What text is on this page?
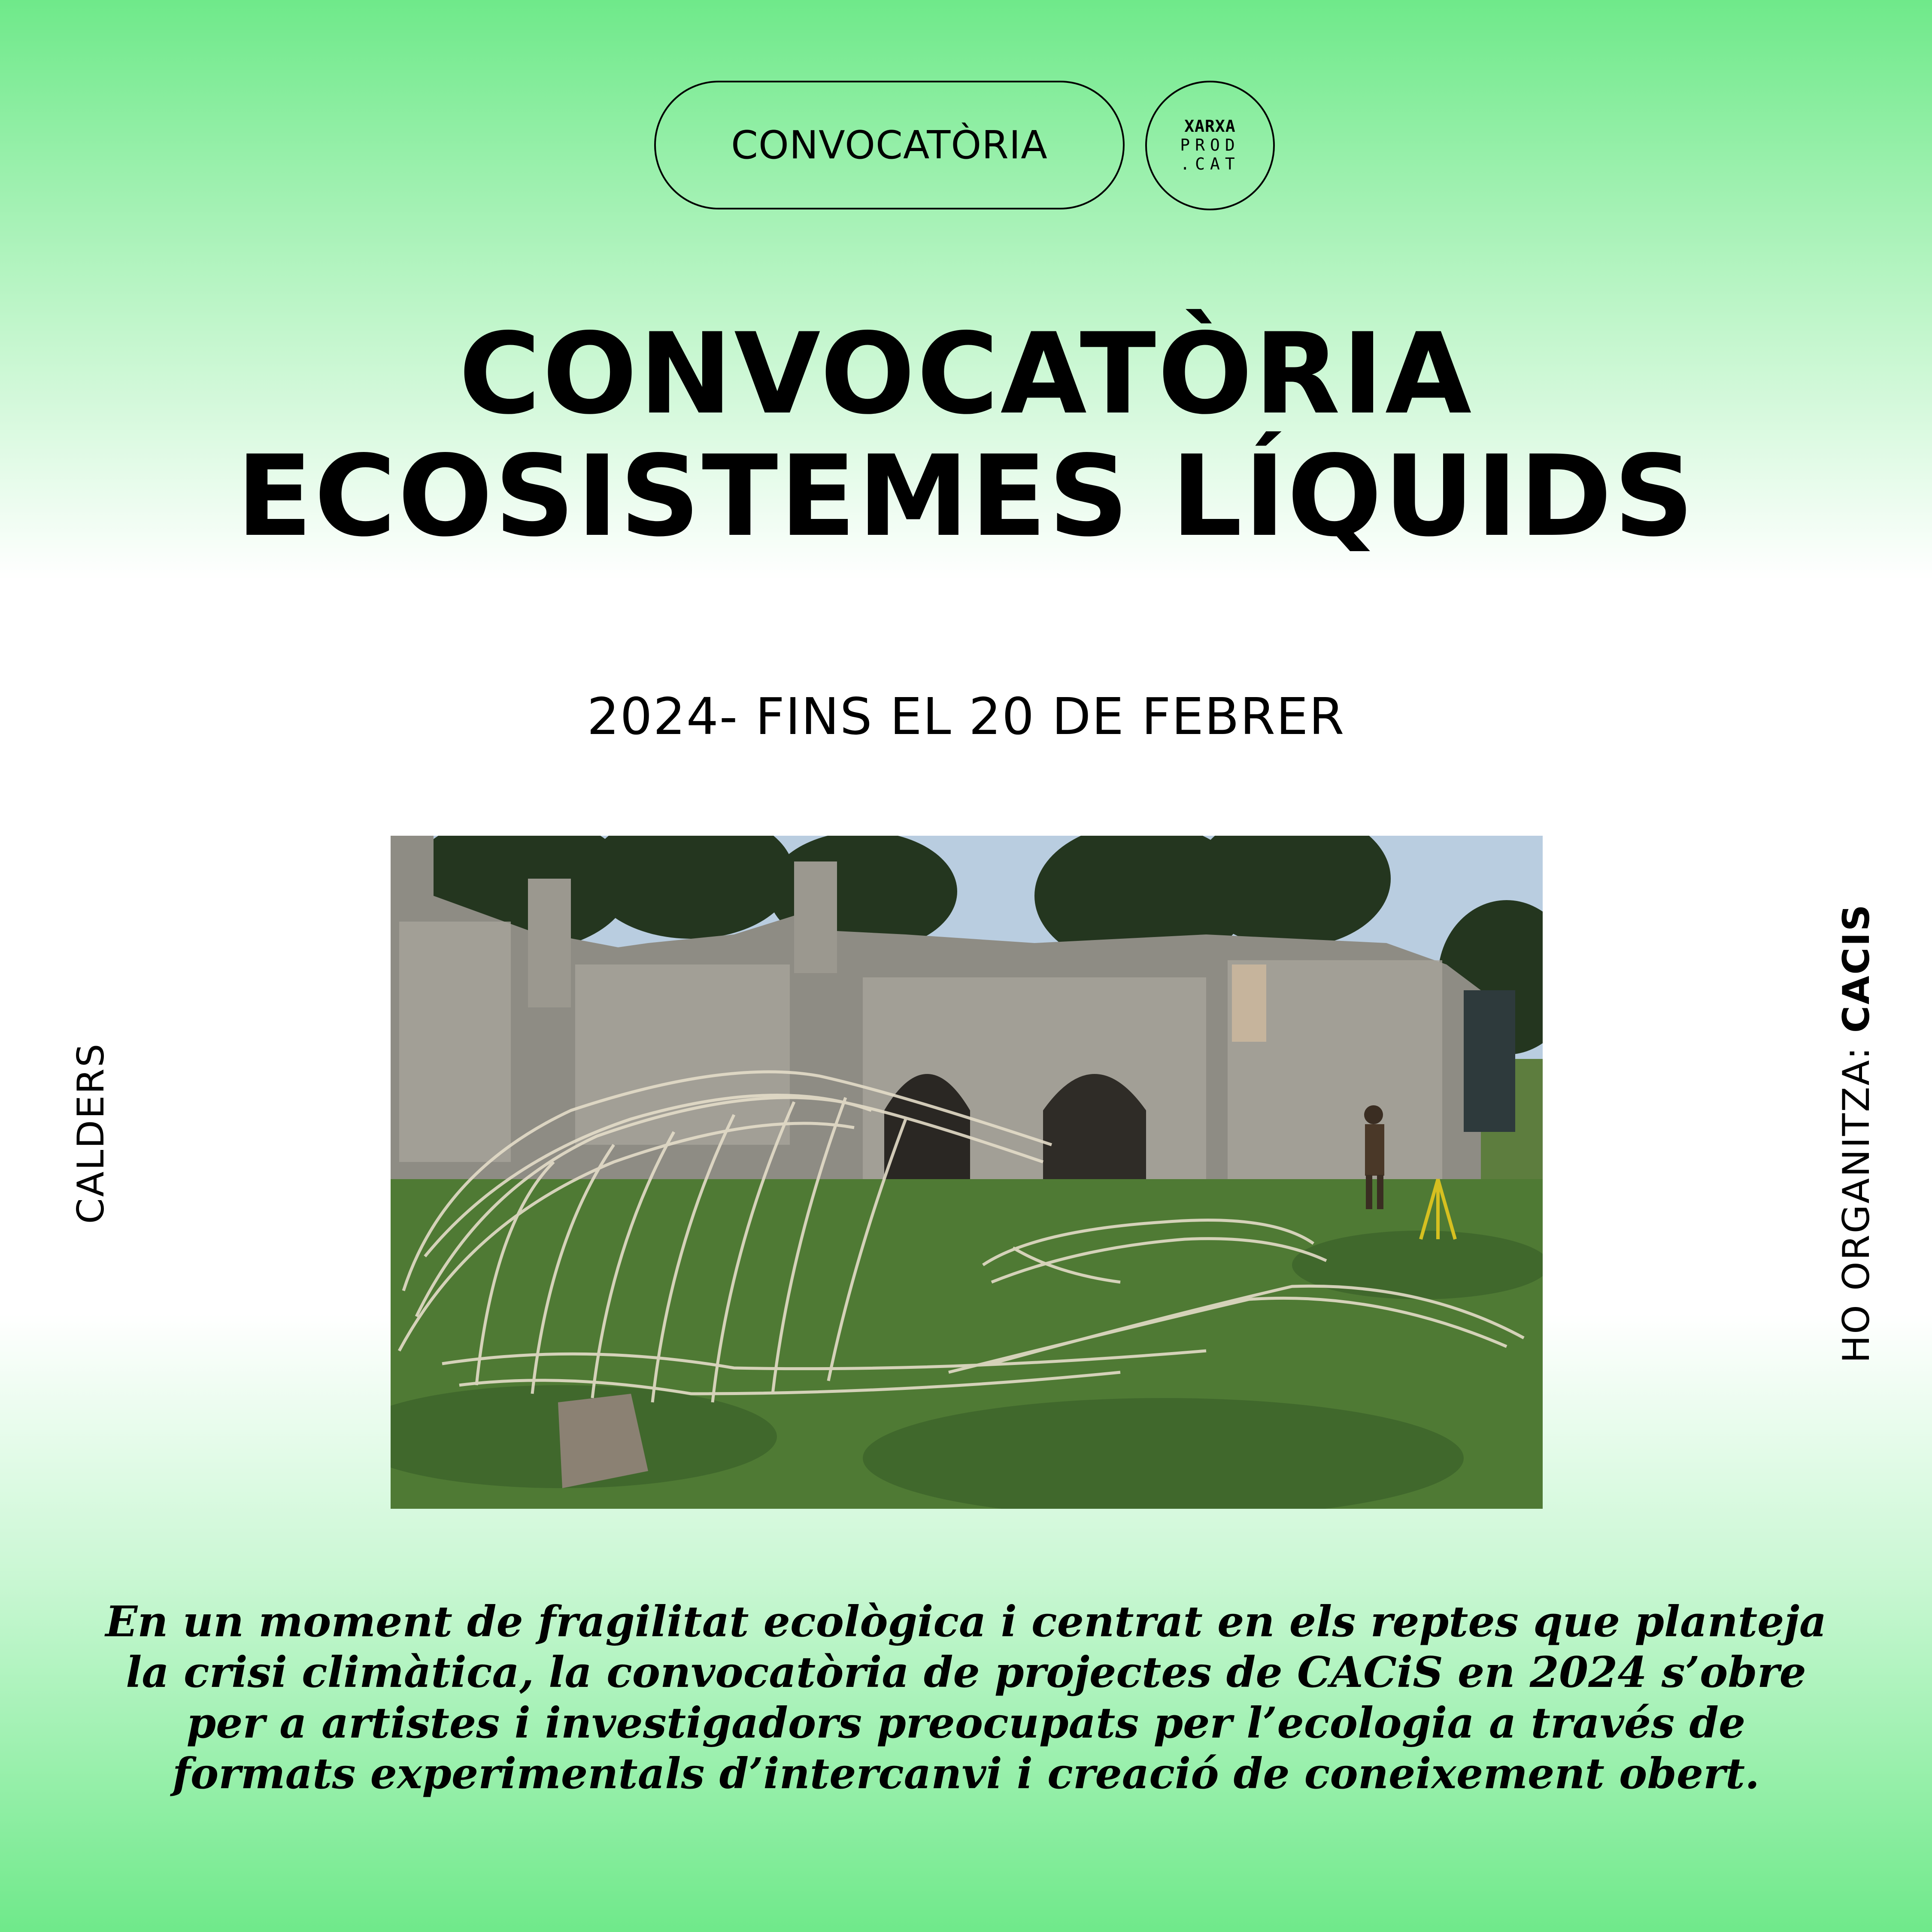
CONVOCATÒRIA	XARXA
PROD
.CAT
CONVOCATÒRIA
ECOSISTEMES LÍQUIDS
2024- FINS EL 20 DE FEBRER
CALDERS	HO ORGANITZA: CACIS
En un moment de fragilitat ecològica i centrat en els reptes que planteja la crisi climàtica, la convocatòria de projectes de CACiS en 2024 s’obre per a artistes i investigadors preocupats per l’ecologia a través de formats experimentals d’intercanvi i creació de coneixement obert.
